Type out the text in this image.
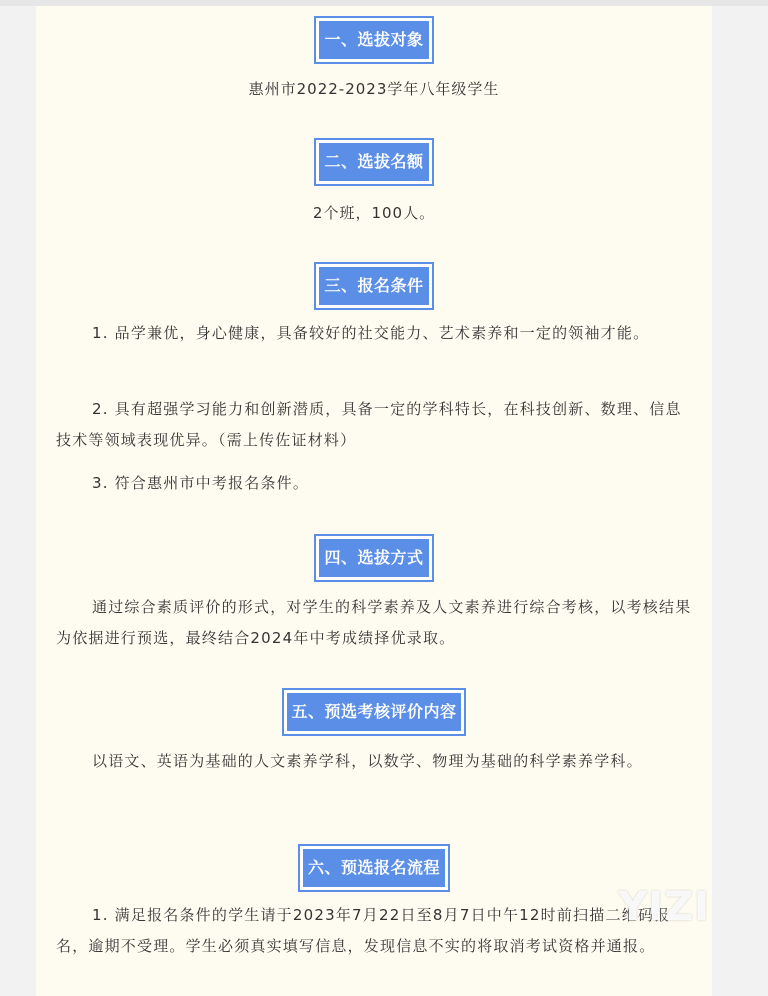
一、选拔对象
惠州市2022-2023学年八年级学生
二、选拔名额
2个班，100人。
三、报名条件

1. 品学兼优，身心健康，具备较好的社交能力、艺术素养和一定的领袖才能。

2. 具有超强学习能力和创新潜质，具备一定的学科特长，在科技创新、数理、信息技术等领域表现优异。（需上传佐证材料）

3. 符合惠州市中考报名条件。

四、选拔方式

通过综合素质评价的形式，对学生的科学素养及人文素养进行综合考核，以考核结果为依据进行预选，最终结合2024年中考成绩择优录取。

五、预选考核评价内容

以语文、英语为基础的人文素养学科，以数学、物理为基础的科学素养学科。

六、预选报名流程

1. 满足报名条件的学生请于2023年7月22日至8月7日中午12时前扫描二维码报名，逾期不受理。学生必须真实填写信息，发现信息不实的将取消考试资格并通报。

YIZI
